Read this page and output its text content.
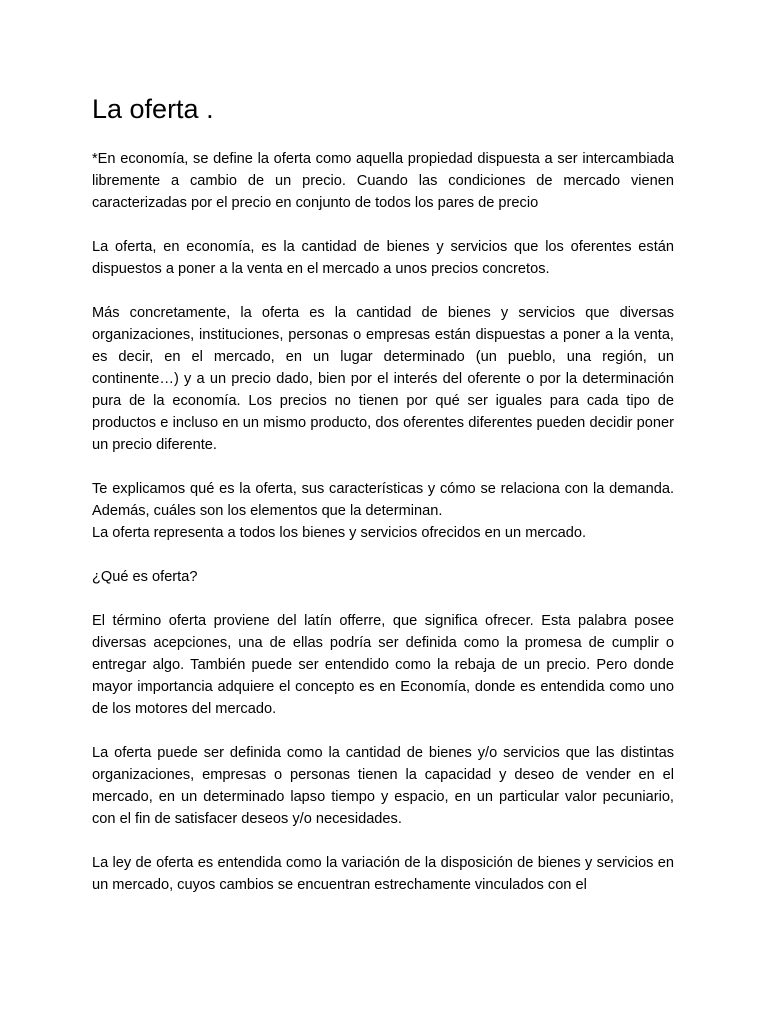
La oferta .

*En economía, se define la oferta como aquella propiedad dispuesta a ser intercambiada libremente a cambio de un precio. Cuando las condiciones de mercado vienen caracterizadas por el precio en conjunto de todos los pares de precio

La oferta, en economía, es la cantidad de bienes y servicios que los oferentes están dispuestos a poner a la venta en el mercado a unos precios concretos.

Más concretamente, la oferta es la cantidad de bienes y servicios que diversas organizaciones, instituciones, personas o empresas están dispuestas a poner a la venta, es decir, en el mercado, en un lugar determinado (un pueblo, una región, un continente…) y a un precio dado, bien por el interés del oferente o por la determinación pura de la economía. Los precios no tienen por qué ser iguales para cada tipo de productos e incluso en un mismo producto, dos oferentes diferentes pueden decidir poner un precio diferente.

Te explicamos qué es la oferta, sus características y cómo se relaciona con la demanda. Además, cuáles son los elementos que la determinan.

La oferta representa a todos los bienes y servicios ofrecidos en un mercado.

¿Qué es oferta?

El término oferta proviene del latín offerre, que significa ofrecer. Esta palabra posee diversas acepciones, una de ellas podría ser definida como la promesa de cumplir o entregar algo. También puede ser entendido como la rebaja de un precio. Pero donde mayor importancia adquiere el concepto es en Economía, donde es entendida como uno de los motores del mercado.

La oferta puede ser definida como la cantidad de bienes y/o servicios que las distintas organizaciones, empresas o personas tienen la capacidad y deseo de vender en el mercado, en un determinado lapso tiempo y espacio, en un particular valor pecuniario, con el fin de satisfacer deseos y/o necesidades.

La ley de oferta es entendida como la variación de la disposición de bienes y servicios en un mercado, cuyos cambios se encuentran estrechamente vinculados con el
